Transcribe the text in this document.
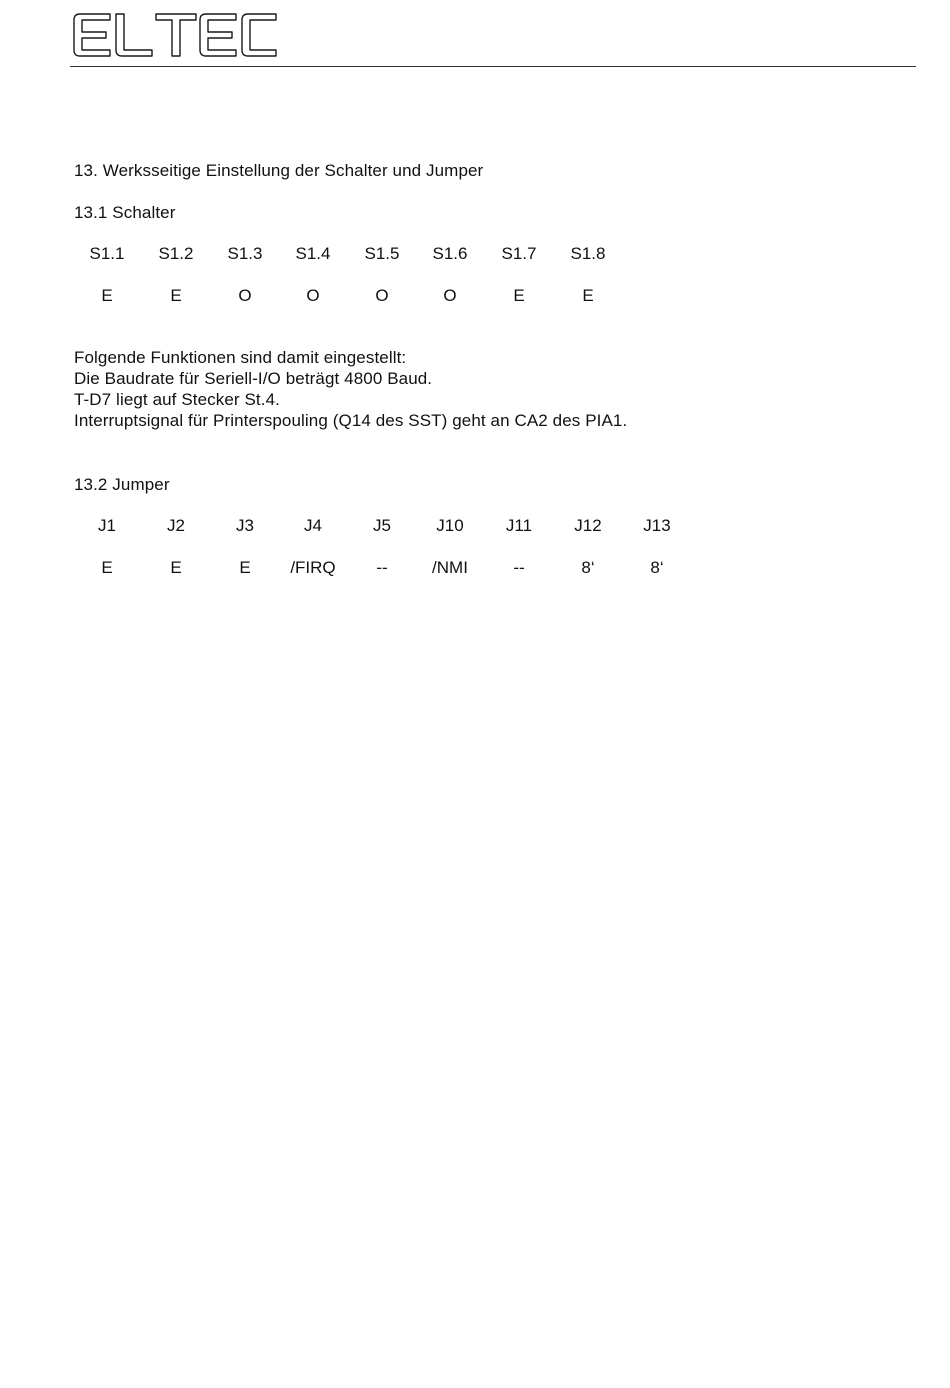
13. Werksseitige Einstellung der Schalter und Jumper
13.1 Schalter
S1.1	S1.2	S1.3	S1.4	S1.5	S1.6	S1.7	S1.8
E	E	O	O	O	O	E	E
Folgende Funktionen sind damit eingestellt:
Die Baudrate für Seriell-I/O beträgt 4800 Baud.
T-D7 liegt auf Stecker St.4.
Interruptsignal für Printerspouling (Q14 des SST) geht an CA2 des PIA1.
13.2 Jumper
J1	J2	J3	J4	J5	J10	J11	J12	J13
E	E	E	/FIRQ	--	/NMI	--	8‘	8‘
